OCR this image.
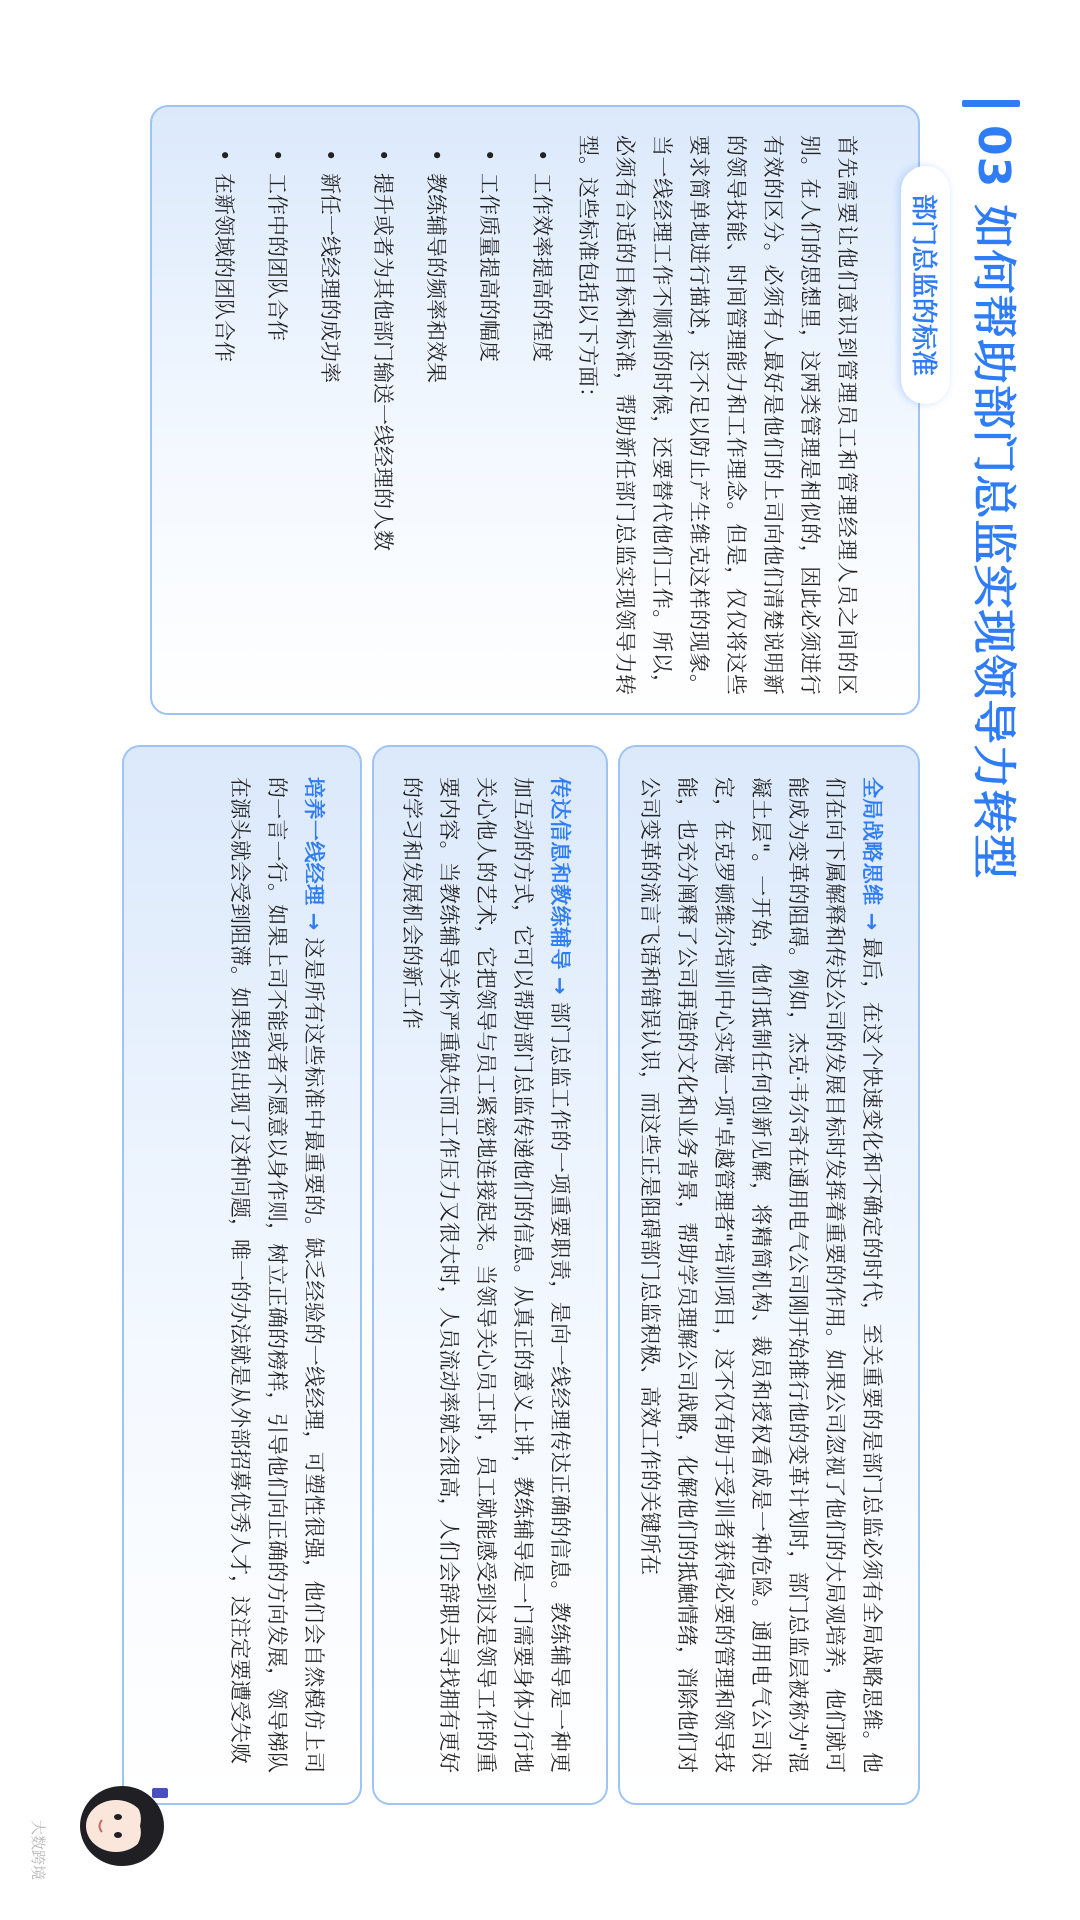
03 如何帮助部门总监实现领导力转型
部门总监的标准
首先需要让他们意识到管理员工和管理经理人员之间的区别。在人们的思想里，这两类管理是相似的，因此必须进行有效的区分。必须有人最好是他们的上司向他们清楚说明新的领导技能、时间管理能力和工作理念。但是，仅仅将这些要求简单地进行描述，还不足以防止产生维克这样的现象。当一线经理工作不顺利的时候，还要替代他们工作。所以，必须有合适的目标和标准，帮助新任部门总监实现领导力转型。这些标准包括以下方面：
• 工作效率提高的程度
• 工作质量提高的幅度
• 教练辅导的频率和效果
• 提升或者为其他部门输送一线经理的人数
• 新任一线经理的成功率
• 工作中的团队合作
• 在新领域的团队合作
培养一线经理 → 这是所有这些标准中最重要的。缺乏经验的一线经理，可塑性很强，他们会自然模仿上司的一言一行。如果上司不能或者不愿意以身作则，树立正确的榜样，引导他们向正确的方向发展，领导梯队在源头就会受到阻滞。如果组织出现了这种问题，唯一的办法就是从外部招募优秀人才，这注定要遭受失败	传达信息和教练辅导 → 部门总监工作的一项重要职责，是向一线经理传达正确的信息。教练辅导是一种更加互动的方式，它可以帮助部门总监传递他们的信息。从真正的意义上讲，教练辅导是一门需要身体力行地关心他人的艺术，它把领导与员工紧密地连接起来。当领导关心员工时，员工就能感受到这是领导工作的重要内容。当教练辅导关怀严重缺失而工作压力又很大时，人员流动率就会很高，人们会辞职去寻找拥有更好的学习和发展机会的新工作	全局战略思维 → 最后，在这个快速变化和不确定的时代，至关重要的是部门总监必须有全局战略思维。他们在向下属解释和传达公司的发展目标时发挥着重要的作用。如果公司忽视了他们的大局观培养，他们就可能成为变革的阻碍。例如，杰克·韦尔奇在通用电气公司刚开始推行他的变革计划时，部门总监层被称为"混凝土层"。一开始，他们抵制任何创新见解，将精简机构、裁员和授权看成是一种危险。通用电气公司决定，在克罗顿维尔培训中心实施一项"卓越管理者"培训项目，这不仅有助于受训者获得必要的管理和领导技能，也充分阐释了公司再造的文化和业务背景，帮助学员理解公司战略，化解他们的抵触情绪，消除他们对公司变革的流言飞语和错误认识，而这些正是阻碍部门总监积极、高效工作的关键所在
大数跨境
